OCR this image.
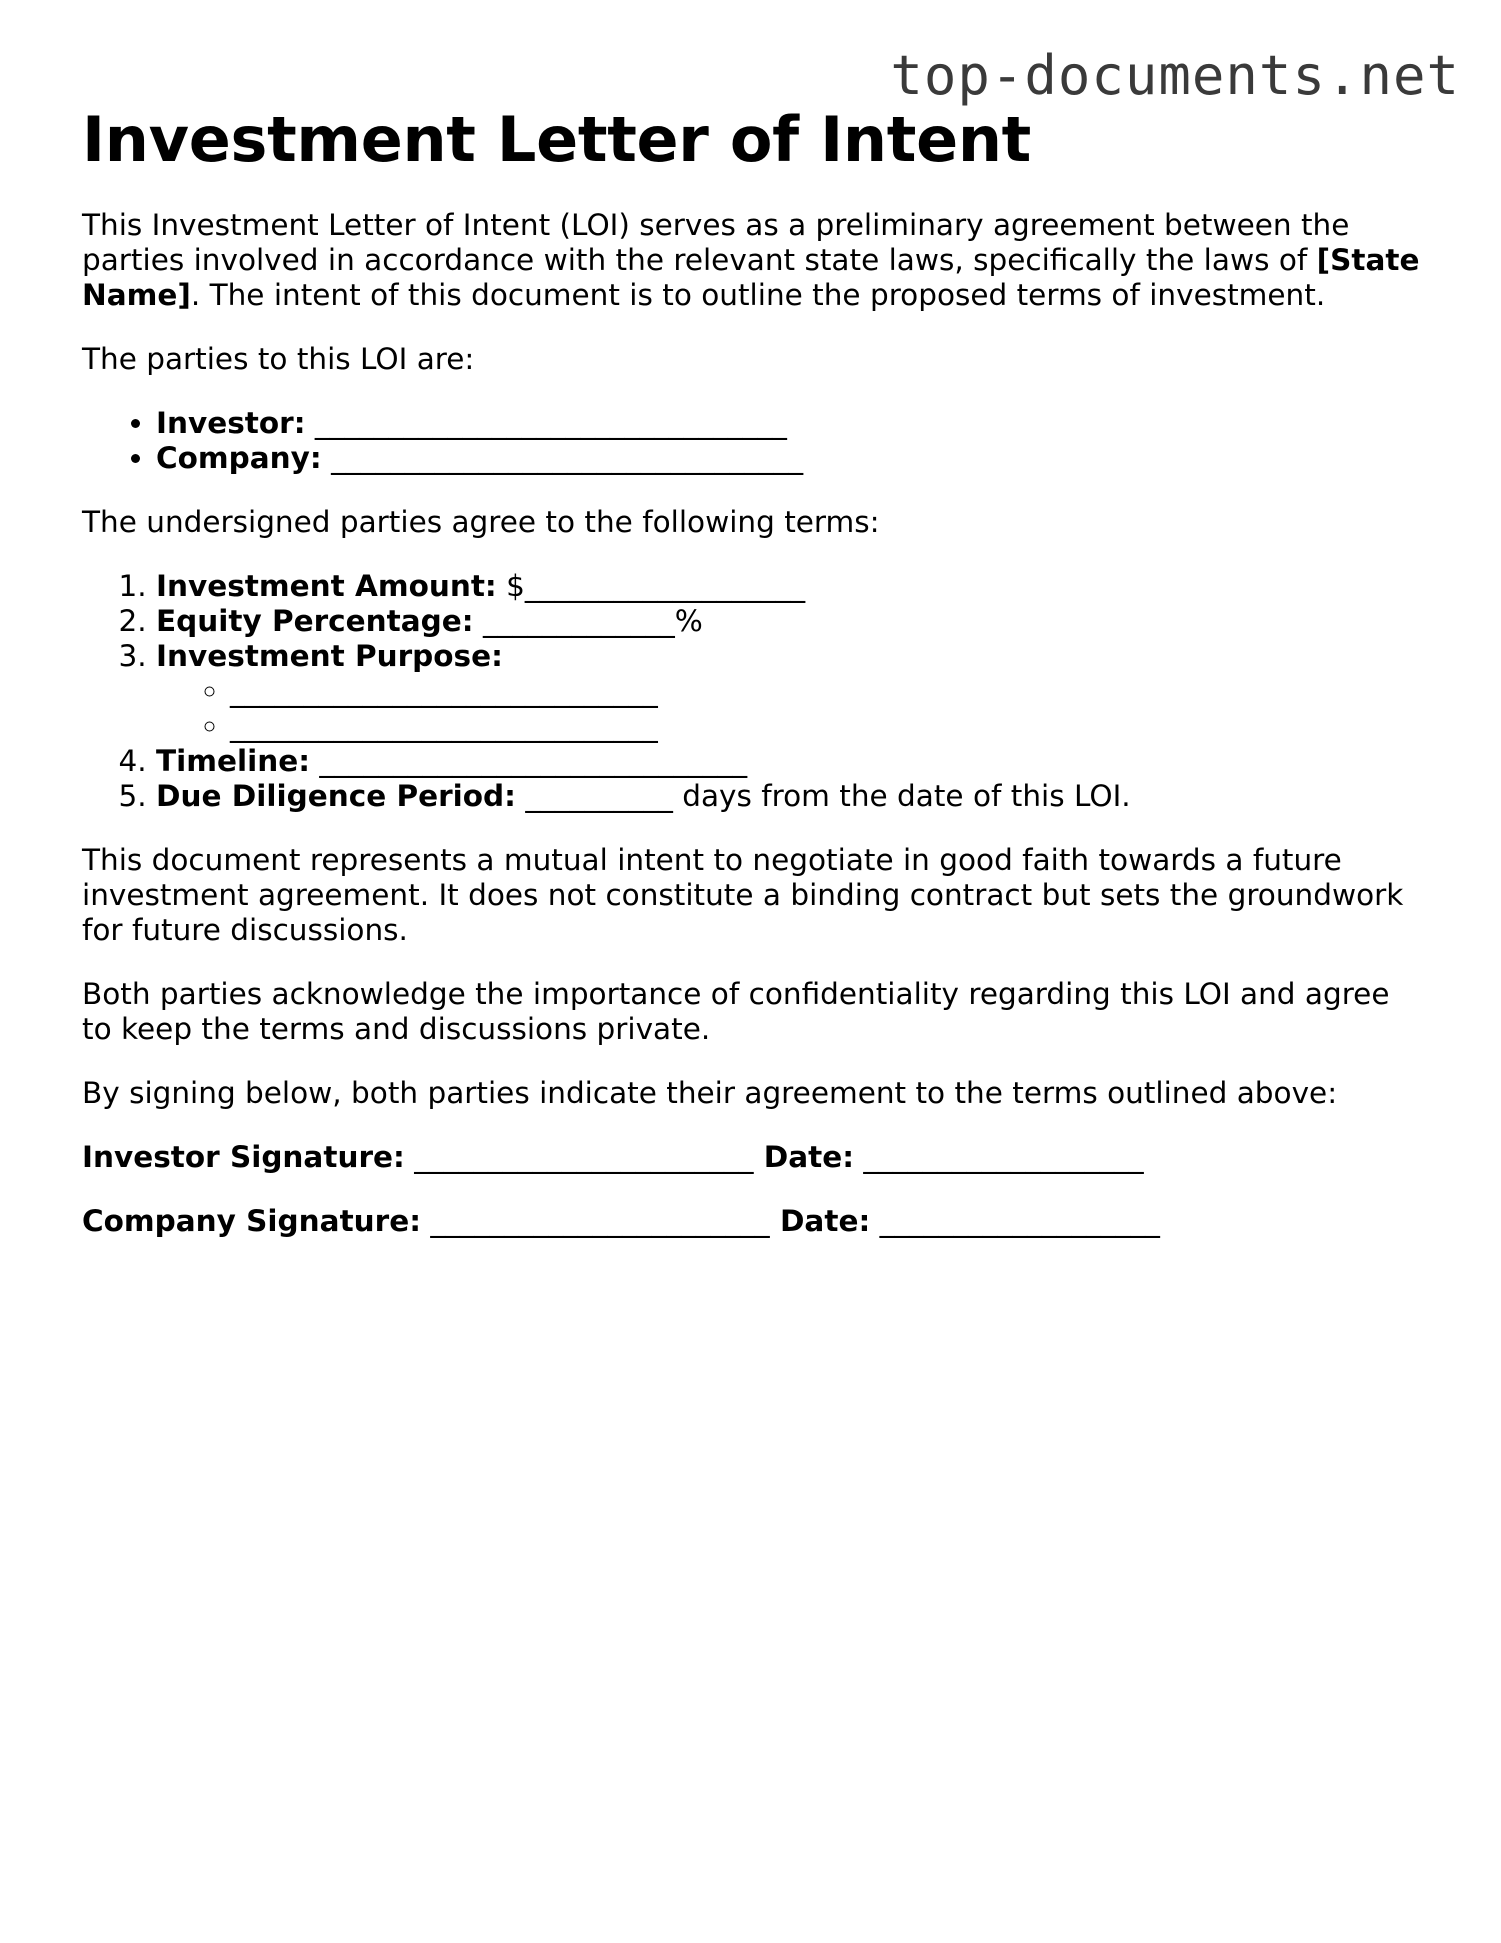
top-documents.net
Investment Letter of Intent

This Investment Letter of Intent (LOI) serves as a preliminary agreement between the parties involved in accordance with the relevant state laws, specifically the laws of [State Name]. The intent of this document is to outline the proposed terms of investment.

The parties to this LOI are:

• Investor: ________________________________
• Company: ________________________________

The undersigned parties agree to the following terms:

1. Investment Amount: $___________________
2. Equity Percentage: _____________%
3. Investment Purpose:
◦ _____________________________
◦ _____________________________
4. Timeline: _____________________________
5. Due Diligence Period: __________ days from the date of this LOI.

This document represents a mutual intent to negotiate in good faith towards a future investment agreement. It does not constitute a binding contract but sets the groundwork for future discussions.

Both parties acknowledge the importance of confidentiality regarding this LOI and agree to keep the terms and discussions private.

By signing below, both parties indicate their agreement to the terms outlined above:

Investor Signature: _______________________ Date: ___________________
Company Signature: _______________________ Date: ___________________
